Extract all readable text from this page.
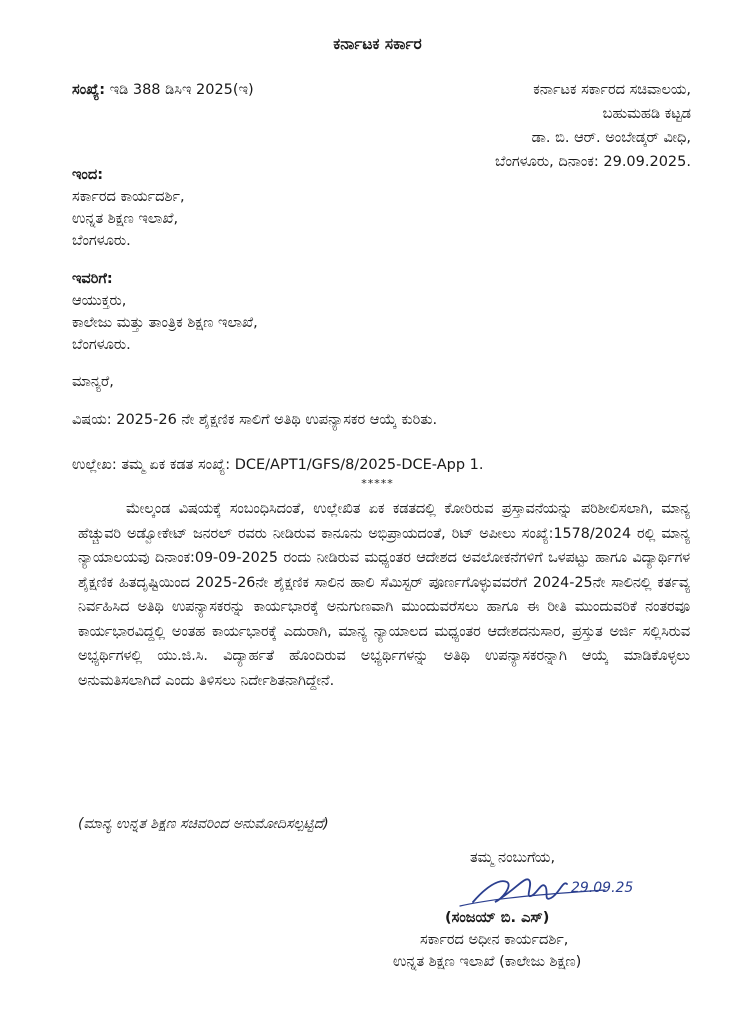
ಕರ್ನಾಟಕ ಸರ್ಕಾರ
ಸಂಖ್ಯೆ: ಇಡಿ 388 ಡಿಸಿಇ 2025(ಇ)	ಕರ್ನಾಟಕ ಸರ್ಕಾರದ ಸಚಿವಾಲಯ,
ಬಹುಮಹಡಿ ಕಟ್ಟಡ
ಡಾ. ಬಿ. ಆರ್. ಅಂಬೇಡ್ಕರ್ ವೀಧಿ,
ಬೆಂಗಳೂರು, ದಿನಾಂಕ: 29.09.2025.
ಇಂದ:
ಸರ್ಕಾರದ ಕಾರ್ಯದರ್ಶಿ,
ಉನ್ನತ ಶಿಕ್ಷಣ ಇಲಾಖೆ,
ಬೆಂಗಳೂರು.
ಇವರಿಗೆ:
ಆಯುಕ್ತರು,
ಕಾಲೇಜು ಮತ್ತು ತಾಂತ್ರಿಕ ಶಿಕ್ಷಣ ಇಲಾಖೆ,
ಬೆಂಗಳೂರು.
ಮಾನ್ಯರೆ,
ವಿಷಯ: 2025-26 ನೇ ಶೈಕ್ಷಣಿಕ ಸಾಲಿಗೆ ಅತಿಥಿ ಉಪನ್ಯಾಸಕರ ಆಯ್ಕೆ ಕುರಿತು.
ಉಲ್ಲೇಖ: ತಮ್ಮ ಏಕ ಕಡತ ಸಂಖ್ಯೆ: DCE/APT1/GFS/8/2025-DCE-App 1.
*****
ಮೇಲ್ಕಂಡ ವಿಷಯಕ್ಕೆ ಸಂಬಂಧಿಸಿದಂತೆ, ಉಲ್ಲೇಖಿತ ಏಕ ಕಡತದಲ್ಲಿ ಕೋರಿರುವ ಪ್ರಸ್ತಾವನೆಯನ್ನು ಪರಿಶೀಲಿಸಲಾಗಿ, ಮಾನ್ಯ ಹೆಚ್ಚುವರಿ ಅಡ್ವೋಕೇಟ್ ಜನರಲ್ ರವರು ನೀಡಿರುವ ಕಾನೂನು ಅಭಿಪ್ರಾಯದಂತೆ, ರಿಟ್ ಅಪೀಲು ಸಂಖ್ಯೆ:1578/2024 ರಲ್ಲಿ ಮಾನ್ಯ ನ್ಯಾಯಾಲಯವು ದಿನಾಂಕ:09-09-2025 ರಂದು ನೀಡಿರುವ ಮಧ್ಯಂತರ ಆದೇಶದ ಅವಲೋಕನೆಗಳಿಗೆ ಒಳಪಟ್ಟು ಹಾಗೂ ವಿದ್ಯಾರ್ಥಿಗಳ ಶೈಕ್ಷಣಿಕ ಹಿತದೃಷ್ಟಿಯಿಂದ 2025-26ನೇ ಶೈಕ್ಷಣಿಕ ಸಾಲಿನ ಹಾಲಿ ಸೆಮಿಸ್ಟರ್ ಪೂರ್ಣಗೊಳ್ಳುವವರೆಗೆ 2024-25ನೇ ಸಾಲಿನಲ್ಲಿ ಕರ್ತವ್ಯ ನಿರ್ವಹಿಸಿದ ಅತಿಥಿ ಉಪನ್ಯಾಸಕರನ್ನು ಕಾರ್ಯಭಾರಕ್ಕೆ ಅನುಗುಣವಾಗಿ ಮುಂದುವರೆಸಲು ಹಾಗೂ ಈ ರೀತಿ ಮುಂದುವರಿಕೆ ನಂತರವೂ ಕಾರ್ಯಭಾರವಿದ್ದಲ್ಲಿ ಅಂತಹ ಕಾರ್ಯಭಾರಕ್ಕೆ ಎದುರಾಗಿ, ಮಾನ್ಯ ನ್ಯಾಯಾಲದ ಮಧ್ಯಂತರ ಆದೇಶದನುಸಾರ, ಪ್ರಸ್ತುತ ಅರ್ಜಿ ಸಲ್ಲಿಸಿರುವ ಅಭ್ಯರ್ಥಿಗಳಲ್ಲಿ ಯು.ಜಿ.ಸಿ. ವಿದ್ಯಾರ್ಹತೆ ಹೊಂದಿರುವ ಅಭ್ಯರ್ಥಿಗಳನ್ನು ಅತಿಥಿ ಉಪನ್ಯಾಸಕರನ್ನಾಗಿ ಆಯ್ಕೆ ಮಾಡಿಕೊಳ್ಳಲು ಅನುಮತಿಸಲಾಗಿದೆ ಎಂದು ತಿಳಿಸಲು ನಿರ್ದೇಶಿತನಾಗಿದ್ದೇನೆ.
(ಮಾನ್ಯ ಉನ್ನತ ಶಿಕ್ಷಣ ಸಚಿವರಿಂದ ಅನುಮೋದಿಸಲ್ಪಟ್ಟಿದೆ)
ತಮ್ಮ ನಂಬುಗೆಯ,
29.09.25
(ಸಂಜಯ್ ಬಿ. ಎಸ್)
ಸರ್ಕಾರದ ಅಧೀನ ಕಾರ್ಯದರ್ಶಿ,
ಉನ್ನತ ಶಿಕ್ಷಣ ಇಲಾಖೆ (ಕಾಲೇಜು ಶಿಕ್ಷಣ)
